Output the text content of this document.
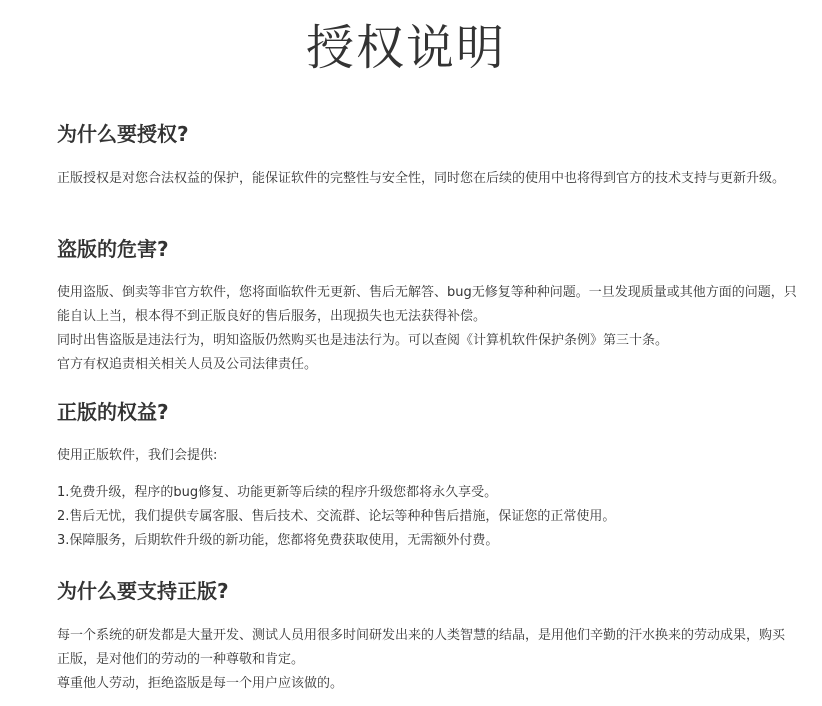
授权说明
为什么要授权?

正版授权是对您合法权益的保护，能保证软件的完整性与安全性，同时您在后续的使用中也将得到官方的技术支持与更新升级。

盗版的危害?

使用盗版、倒卖等非官方软件，您将面临软件无更新、售后无解答、bug无修复等种种问题。一旦发现质量或其他方面的问题，只能自认上当，根本得不到正版良好的售后服务，出现损失也无法获得补偿。

同时出售盗版是违法行为，明知盗版仍然购买也是违法行为。可以查阅《计算机软件保护条例》第三十条。

官方有权追责相关相关人员及公司法律责任。

正版的权益?

使用正版软件，我们会提供:

1.免费升级，程序的bug修复、功能更新等后续的程序升级您都将永久享受。

2.售后无忧，我们提供专属客服、售后技术、交流群、论坛等种种售后措施，保证您的正常使用。

3.保障服务，后期软件升级的新功能，您都将免费获取使用，无需额外付费。

为什么要支持正版?

每一个系统的研发都是大量开发、测试人员用很多时间研发出来的人类智慧的结晶，是用他们辛勤的汗水换来的劳动成果，购买正版，是对他们的劳动的一种尊敬和肯定。

尊重他人劳动，拒绝盗版是每一个用户应该做的。
